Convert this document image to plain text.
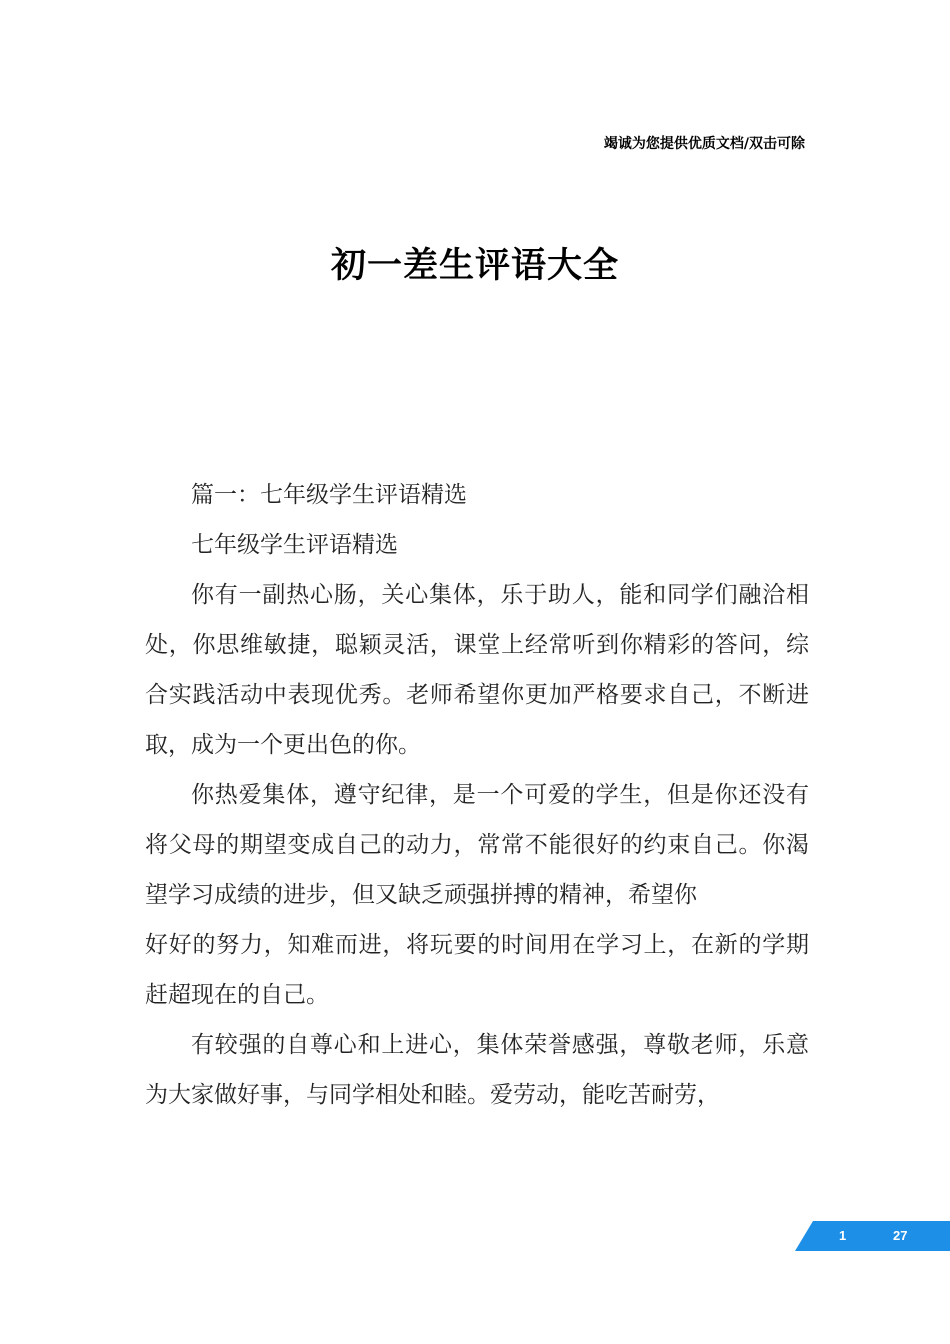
竭诚为您提供优质文档/双击可除
初一差生评语大全

篇一：七年级学生评语精选

七年级学生评语精选

你有一副热心肠，关心集体，乐于助人，能和同学们融洽相处，你思维敏捷，聪颖灵活，课堂上经常听到你精彩的答问，综合实践活动中表现优秀。老师希望你更加严格要求自己，不断进取，成为一个更出色的你。

你热爱集体，遵守纪律，是一个可爱的学生，但是你还没有将父母的期望变成自己的动力，常常不能很好的约束自己。你渴望学习成绩的进步，但又缺乏顽强拼搏的精神，希望你

好好的努力，知难而进，将玩要的时间用在学习上，在新的学期赶超现在的自己。

有较强的自尊心和上进心，集体荣誉感强，尊敬老师，乐意为大家做好事，与同学相处和睦。爱劳动，能吃苦耐劳，

1	27
